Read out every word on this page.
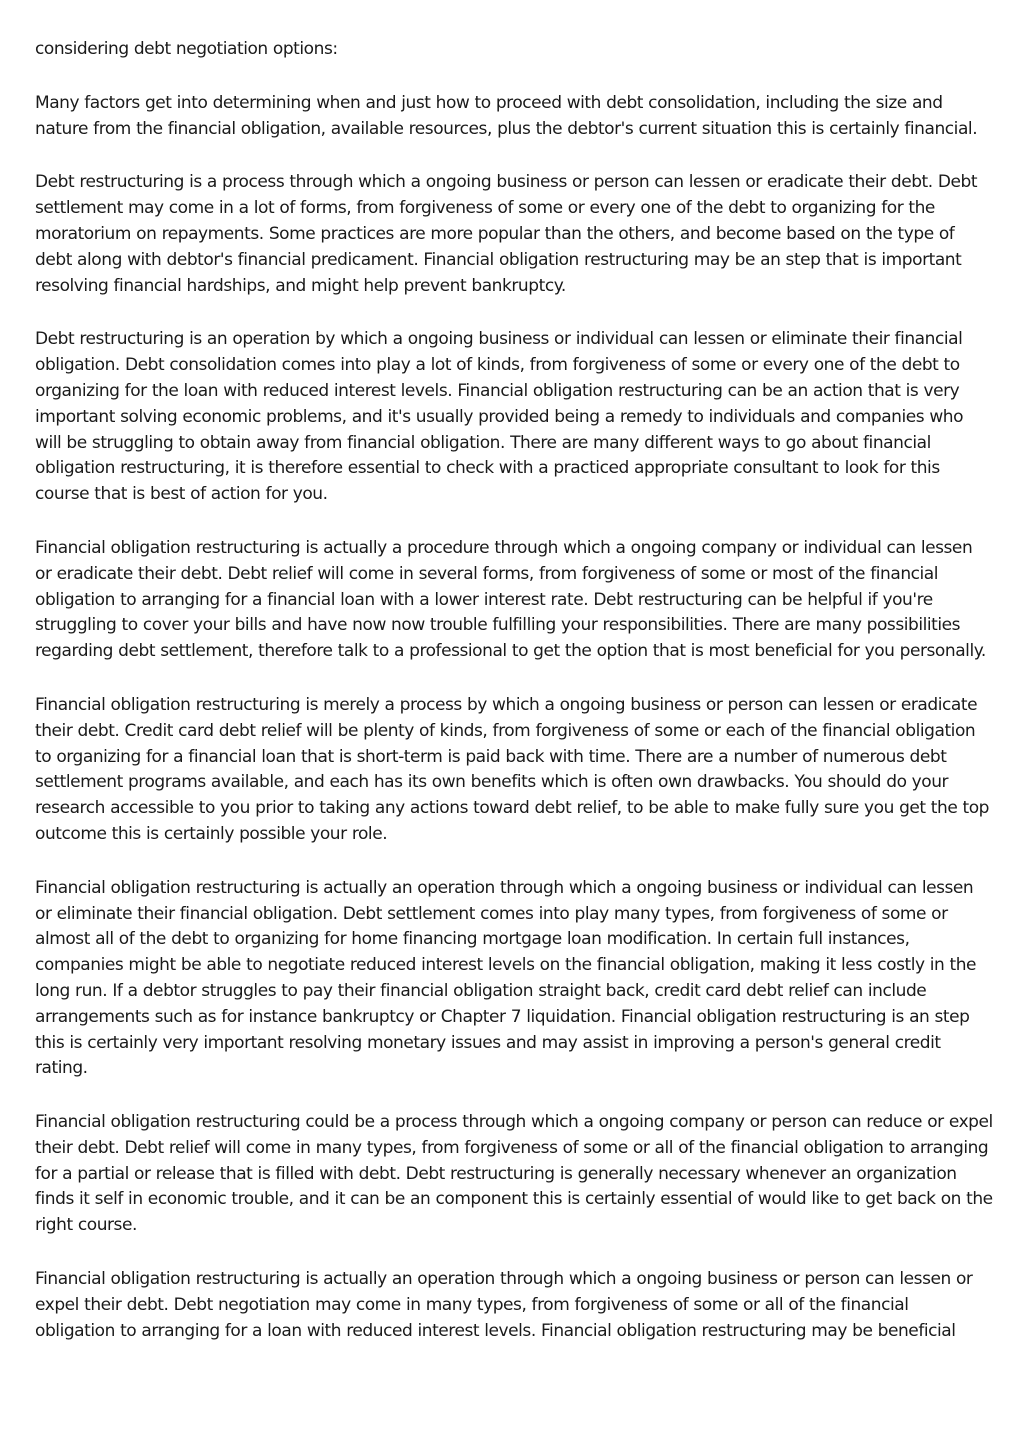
considering debt negotiation options:

Many factors get into determining when and just how to proceed with debt consolidation, including the size and nature from the financial obligation, available resources, plus the debtor's current situation this is certainly financial.

Debt restructuring is a process through which a ongoing business or person can lessen or eradicate their debt. Debt settlement may come in a lot of forms, from forgiveness of some or every one of the debt to organizing for the moratorium on repayments. Some practices are more popular than the others, and become based on the type of debt along with debtor's financial predicament. Financial obligation restructuring may be an step that is important resolving financial hardships, and might help prevent bankruptcy.

Debt restructuring is an operation by which a ongoing business or individual can lessen or eliminate their financial obligation. Debt consolidation comes into play a lot of kinds, from forgiveness of some or every one of the debt to organizing for the loan with reduced interest levels. Financial obligation restructuring can be an action that is very important solving economic problems, and it's usually provided being a remedy to individuals and companies who will be struggling to obtain away from financial obligation. There are many different ways to go about financial obligation restructuring, it is therefore essential to check with a practiced appropriate consultant to look for this course that is best of action for you.

Financial obligation restructuring is actually a procedure through which a ongoing company or individual can lessen or eradicate their debt. Debt relief will come in several forms, from forgiveness of some or most of the financial obligation to arranging for a financial loan with a lower interest rate. Debt restructuring can be helpful if you're struggling to cover your bills and have now now trouble fulfilling your responsibilities. There are many possibilities regarding debt settlement, therefore talk to a professional to get the option that is most beneficial for you personally.

Financial obligation restructuring is merely a process by which a ongoing business or person can lessen or eradicate their debt. Credit card debt relief will be plenty of kinds, from forgiveness of some or each of the financial obligation to organizing for a financial loan that is short-term is paid back with time. There are a number of numerous debt settlement programs available, and each has its own benefits which is often own drawbacks. You should do your research accessible to you prior to taking any actions toward debt relief, to be able to make fully sure you get the top outcome this is certainly possible your role.

Financial obligation restructuring is actually an operation through which a ongoing business or individual can lessen or eliminate their financial obligation. Debt settlement comes into play many types, from forgiveness of some or almost all of the debt to organizing for home financing mortgage loan modification. In certain full instances, companies might be able to negotiate reduced interest levels on the financial obligation, making it less costly in the long run. If a debtor struggles to pay their financial obligation straight back, credit card debt relief can include arrangements such as for instance bankruptcy or Chapter 7 liquidation. Financial obligation restructuring is an step this is certainly very important resolving monetary issues and may assist in improving a person's general credit rating.

Financial obligation restructuring could be a process through which a ongoing company or person can reduce or expel their debt. Debt relief will come in many types, from forgiveness of some or all of the financial obligation to arranging for a partial or release that is filled with debt. Debt restructuring is generally necessary whenever an organization finds it self in economic trouble, and it can be an component this is certainly essential of would like to get back on the right course.

Financial obligation restructuring is actually an operation through which a ongoing business or person can lessen or expel their debt. Debt negotiation may come in many types, from forgiveness of some or all of the financial obligation to arranging for a loan with reduced interest levels. Financial obligation restructuring may be beneficial
